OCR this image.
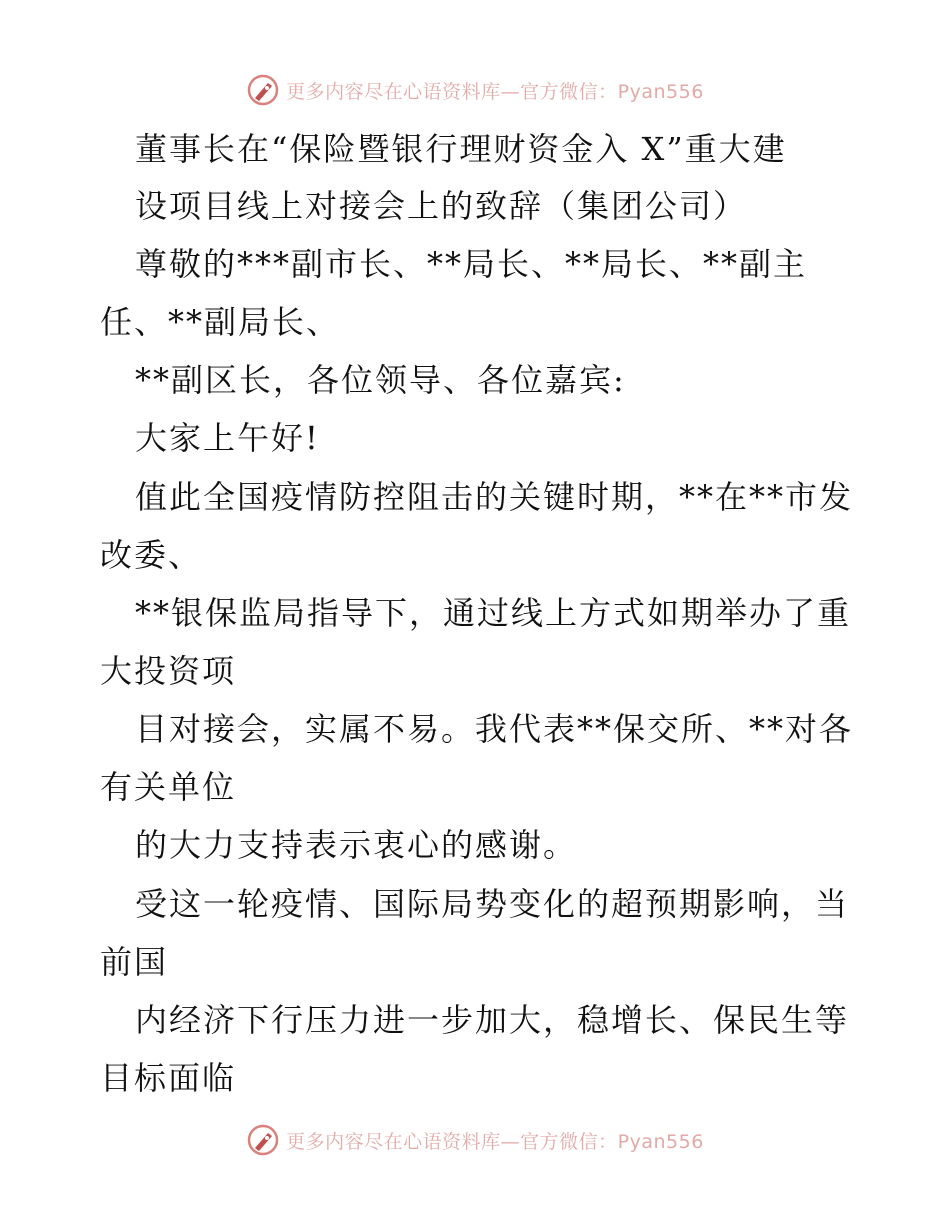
更多内容尽在心语资料库—官方微信：Pyan556
董事长在“保险暨银行理财资金入 X”重大建
设项目线上对接会上的致辞（集团公司）
尊敬的***副市长、**局长、**局长、**副主
任、**副局长、
**副区长，各位领导、各位嘉宾:
大家上午好!
值此全国疫情防控阻击的关键时期，**在**市发
改委、
**银保监局指导下，通过线上方式如期举办了重
大投资项
目对接会，实属不易。我代表**保交所、**对各
有关单位
的大力支持表示衷心的感谢。
受这一轮疫情、国际局势变化的超预期影响，当
前国
内经济下行压力进一步加大，稳增长、保民生等
目标面临
更多内容尽在心语资料库—官方微信：Pyan556
